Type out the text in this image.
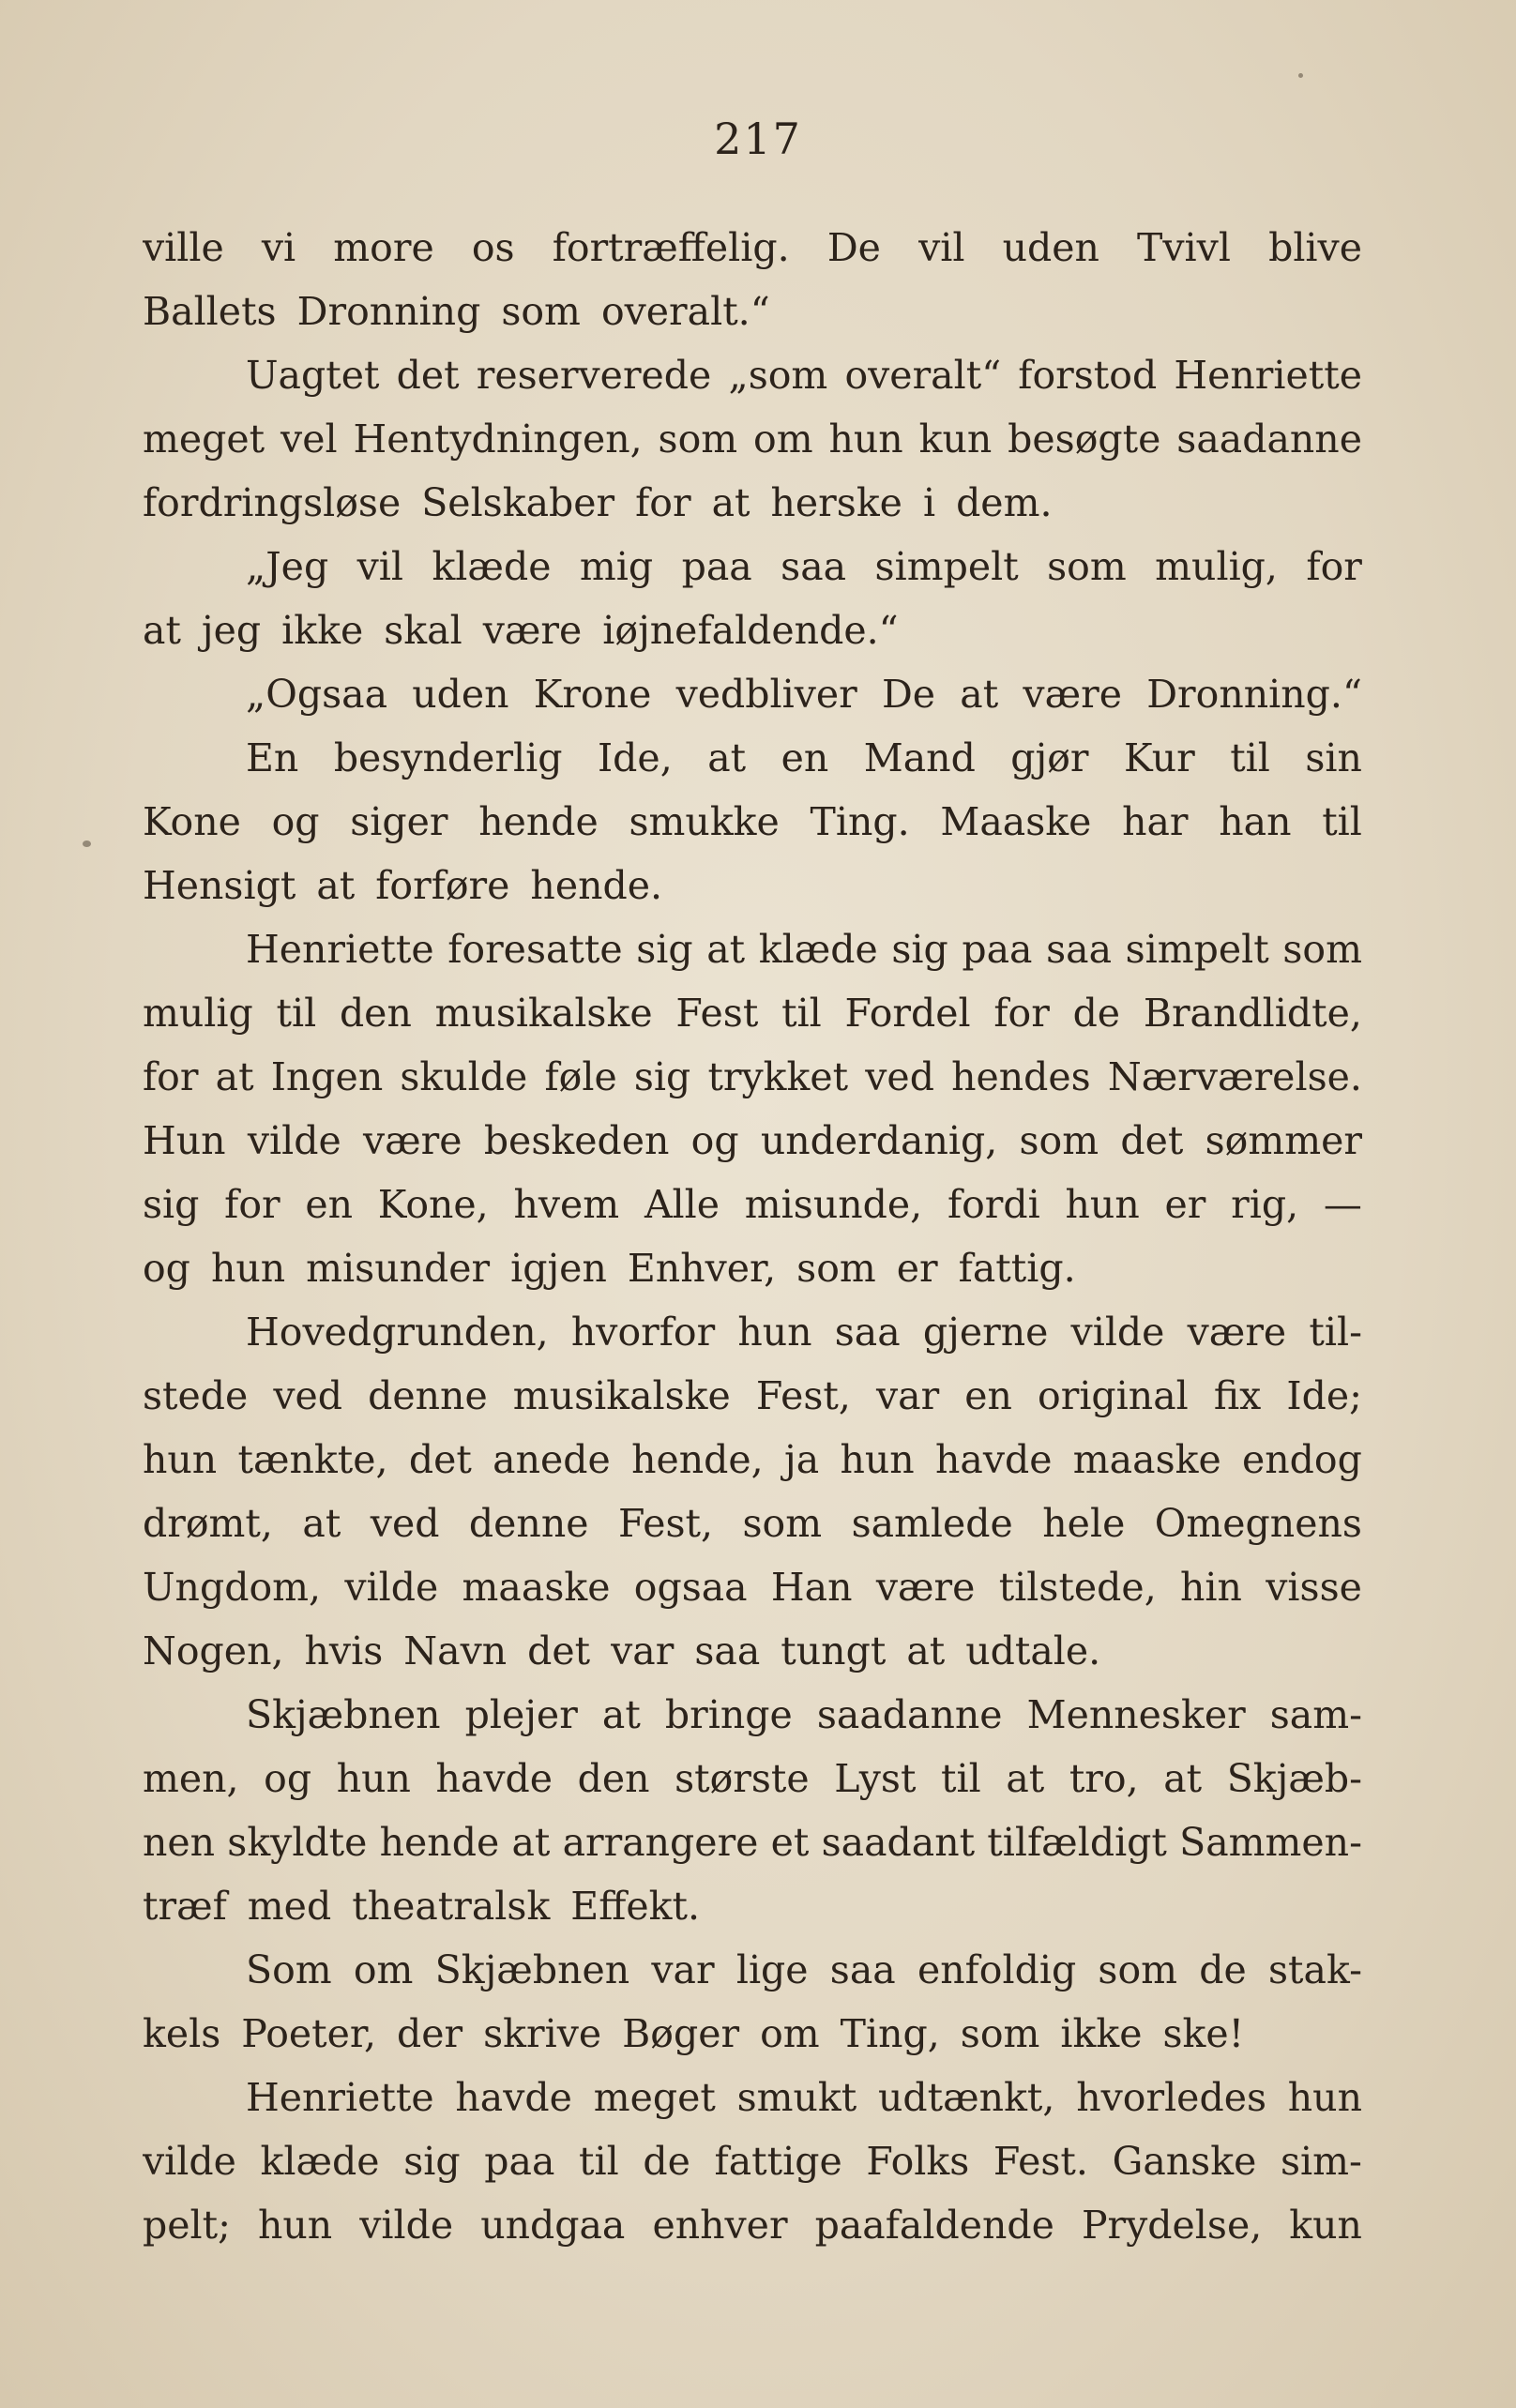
217
ville vi more os fortræffelig. De vil uden Tvivl blive
Ballets Dronning som overalt.“
Uagtet det reserverede „som overalt“ forstod Henriette
meget vel Hentydningen, som om hun kun besøgte saadanne
fordringsløse Selskaber for at herske i dem.
„Jeg vil klæde mig paa saa simpelt som mulig, for
at jeg ikke skal være iøjnefaldende.“
„Ogsaa uden Krone vedbliver De at være Dronning.“
En besynderlig Ide, at en Mand gjør Kur til sin
Kone og siger hende smukke Ting. Maaske har han til
Hensigt at forføre hende.
Henriette foresatte sig at klæde sig paa saa simpelt som
mulig til den musikalske Fest til Fordel for de Brandlidte,
for at Ingen skulde føle sig trykket ved hendes Nærværelse.
Hun vilde være beskeden og underdanig, som det sømmer
sig for en Kone, hvem Alle misunde, fordi hun er rig, —
og hun misunder igjen Enhver, som er fattig.
Hovedgrunden, hvorfor hun saa gjerne vilde være til-
stede ved denne musikalske Fest, var en original fix Ide;
hun tænkte, det anede hende, ja hun havde maaske endog
drømt, at ved denne Fest, som samlede hele Omegnens
Ungdom, vilde maaske ogsaa Han være tilstede, hin visse
Nogen, hvis Navn det var saa tungt at udtale.
Skjæbnen plejer at bringe saadanne Mennesker sam-
men, og hun havde den største Lyst til at tro, at Skjæb-
nen skyldte hende at arrangere et saadant tilfældigt Sammen-
træf med theatralsk Effekt.
Som om Skjæbnen var lige saa enfoldig som de stak-
kels Poeter, der skrive Bøger om Ting, som ikke ske!
Henriette havde meget smukt udtænkt, hvorledes hun
vilde klæde sig paa til de fattige Folks Fest. Ganske sim-
pelt; hun vilde undgaa enhver paafaldende Prydelse, kun
